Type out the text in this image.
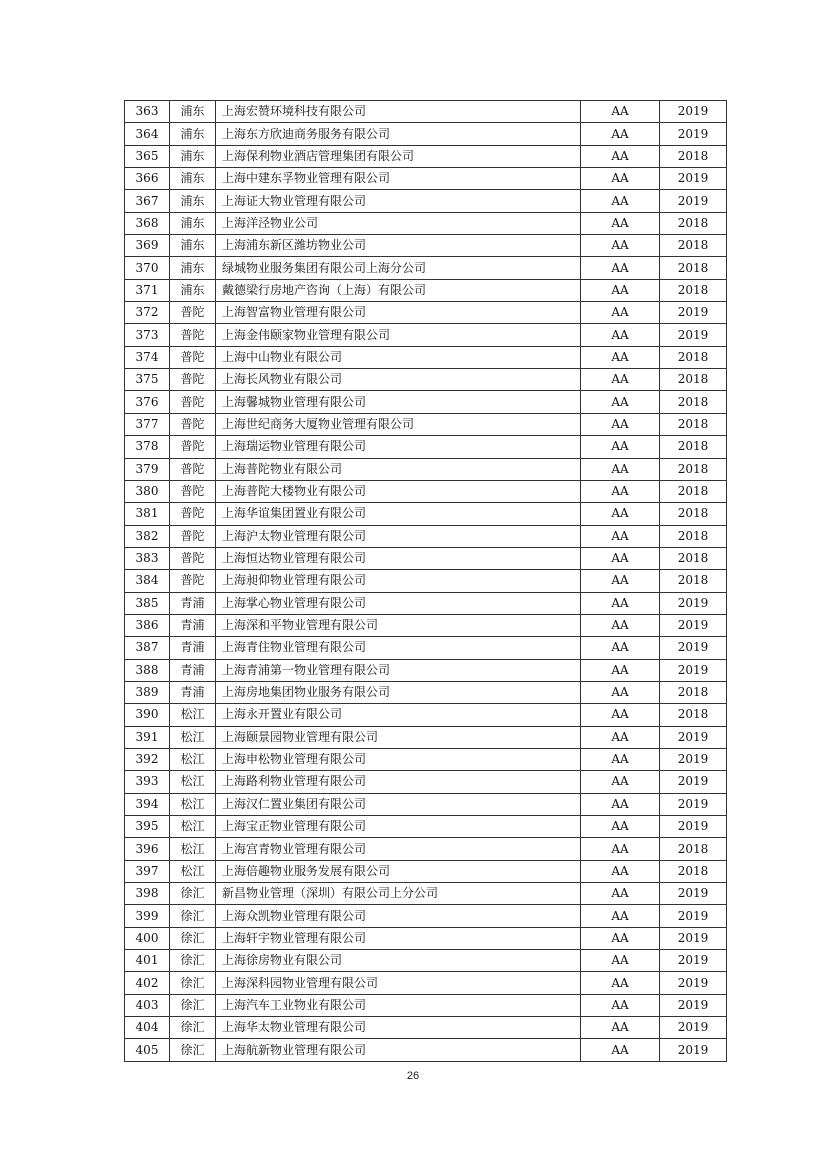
363	浦东	上海宏赞环境科技有限公司	AA	2019
364	浦东	上海东方欣迪商务服务有限公司	AA	2019
365	浦东	上海保利物业酒店管理集团有限公司	AA	2018
366	浦东	上海中建东孚物业管理有限公司	AA	2019
367	浦东	上海证大物业管理有限公司	AA	2019
368	浦东	上海洋泾物业公司	AA	2018
369	浦东	上海浦东新区潍坊物业公司	AA	2018
370	浦东	绿城物业服务集团有限公司上海分公司	AA	2018
371	浦东	戴德梁行房地产咨询（上海）有限公司	AA	2018
372	普陀	上海智富物业管理有限公司	AA	2019
373	普陀	上海金伟颐家物业管理有限公司	AA	2019
374	普陀	上海中山物业有限公司	AA	2018
375	普陀	上海长风物业有限公司	AA	2018
376	普陀	上海馨城物业管理有限公司	AA	2018
377	普陀	上海世纪商务大厦物业管理有限公司	AA	2018
378	普陀	上海瑞运物业管理有限公司	AA	2018
379	普陀	上海普陀物业有限公司	AA	2018
380	普陀	上海普陀大楼物业有限公司	AA	2018
381	普陀	上海华谊集团置业有限公司	AA	2018
382	普陀	上海沪太物业管理有限公司	AA	2018
383	普陀	上海恒达物业管理有限公司	AA	2018
384	普陀	上海昶仰物业管理有限公司	AA	2018
385	青浦	上海掌心物业管理有限公司	AA	2019
386	青浦	上海深和平物业管理有限公司	AA	2019
387	青浦	上海青住物业管理有限公司	AA	2019
388	青浦	上海青浦第一物业管理有限公司	AA	2019
389	青浦	上海房地集团物业服务有限公司	AA	2018
390	松江	上海永开置业有限公司	AA	2018
391	松江	上海颐景园物业管理有限公司	AA	2019
392	松江	上海申松物业管理有限公司	AA	2019
393	松江	上海路利物业管理有限公司	AA	2019
394	松江	上海汉仁置业集团有限公司	AA	2019
395	松江	上海宝正物业管理有限公司	AA	2019
396	松江	上海宫青物业管理有限公司	AA	2018
397	松江	上海倍趣物业服务发展有限公司	AA	2018
398	徐汇	新昌物业管理（深圳）有限公司上分公司	AA	2019
399	徐汇	上海众凯物业管理有限公司	AA	2019
400	徐汇	上海轩宇物业管理有限公司	AA	2019
401	徐汇	上海徐房物业有限公司	AA	2019
402	徐汇	上海深科园物业管理有限公司	AA	2019
403	徐汇	上海汽车工业物业有限公司	AA	2019
404	徐汇	上海华太物业管理有限公司	AA	2019
405	徐汇	上海航新物业管理有限公司	AA	2019
26
